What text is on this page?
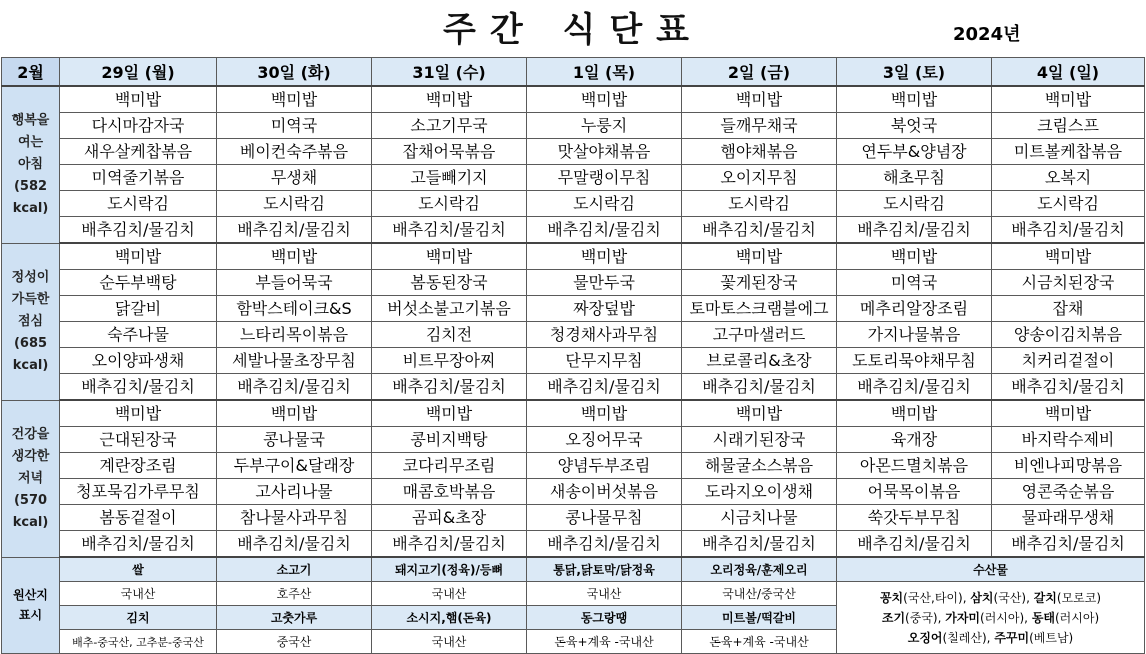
주간 식단표	2024년
2월	29일 (월)	30일 (화)	31일 (수)	1일 (목)	2일 (금)	3일 (토)	4일 (일)
행복을
여는
아침
(582
kcal)	백미밥	백미밥	백미밥	백미밥	백미밥	백미밥	백미밥
	다시마감자국	미역국	소고기무국	누룽지	들깨무채국	북엇국	크림스프
	새우살케찹볶음	베이컨숙주볶음	잡채어묵볶음	맛살야채볶음	햄야채볶음	연두부&양념장	미트볼케찹볶음
	미역줄기볶음	무생채	고들빼기지	무말랭이무침	오이지무침	해초무침	오복지
	도시락김	도시락김	도시락김	도시락김	도시락김	도시락김	도시락김
	배추김치/물김치	배추김치/물김치	배추김치/물김치	배추김치/물김치	배추김치/물김치	배추김치/물김치	배추김치/물김치
정성이
가득한
점심
(685
kcal)	백미밥	백미밥	백미밥	백미밥	백미밥	백미밥	백미밥
	순두부백탕	부들어묵국	봄동된장국	물만두국	꽃게된장국	미역국	시금치된장국
	닭갈비	함박스테이크&S	버섯소불고기볶음	짜장덮밥	토마토스크램블에그	메추리알장조림	잡채
	숙주나물	느타리목이볶음	김치전	청경채사과무침	고구마샐러드	가지나물볶음	양송이김치볶음
	오이양파생채	세발나물초장무침	비트무장아찌	단무지무침	브로콜리&초장	도토리묵야채무침	치커리겉절이
	배추김치/물김치	배추김치/물김치	배추김치/물김치	배추김치/물김치	배추김치/물김치	배추김치/물김치	배추김치/물김치
건강을
생각한
저녁
(570
kcal)	백미밥	백미밥	백미밥	백미밥	백미밥	백미밥	백미밥
	근대된장국	콩나물국	콩비지백탕	오징어무국	시래기된장국	육개장	바지락수제비
	계란장조림	두부구이&달래장	코다리무조림	양념두부조림	해물굴소스볶음	아몬드멸치볶음	비엔나피망볶음
	청포묵김가루무침	고사리나물	매콤호박볶음	새송이버섯볶음	도라지오이생채	어묵목이볶음	영콘죽순볶음
	봄동겉절이	참나물사과무침	곰피&초장	콩나물무침	시금치나물	쑥갓두부무침	물파래무생채
	배추김치/물김치	배추김치/물김치	배추김치/물김치	배추김치/물김치	배추김치/물김치	배추김치/물김치	배추김치/물김치
원산지
표시	쌀	소고기	돼지고기(정육)/등뼈	통닭,닭토막/닭정육	오리정육/훈제오리	수산물	
	국내산	호주산	국내산	국내산	국내산/중국산	꽁치(국산,타이), 삼치(국산), 갈치(모로코)
조기(중국), 가자미(러시아), 동태(러시아)
오징어(칠레산), 주꾸미(베트남)	

	김치	고춧가루	소시지,햄(돈육)	동그랑땡	미트볼/떡갈비		
	배추-중국산, 고추분-중국산	중국산	국내산	돈육+계육 -국내산	돈육+계육 -국내산		
